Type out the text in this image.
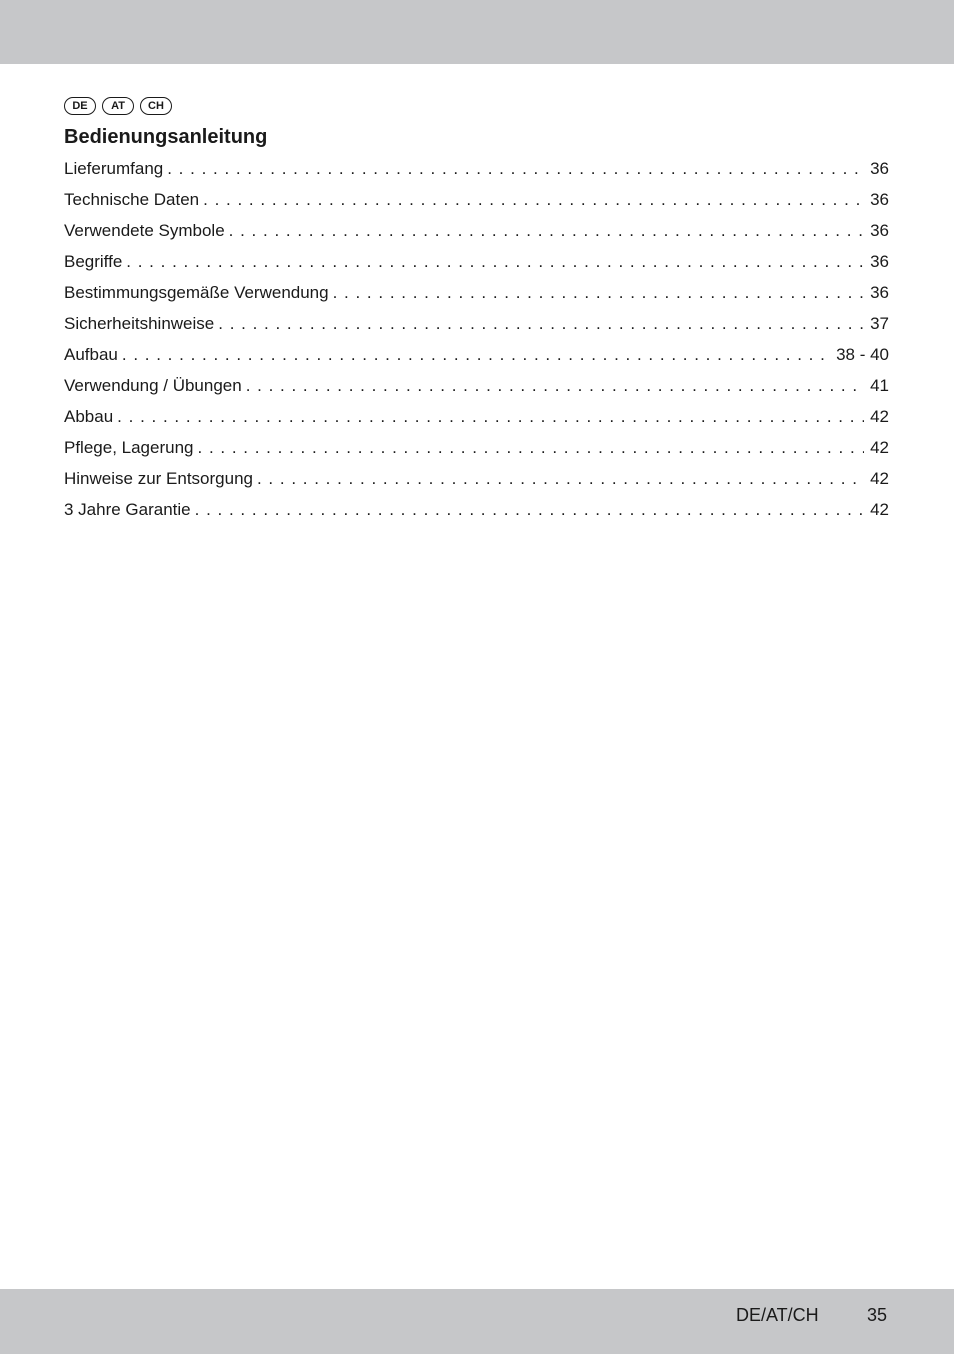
DE	AT	CH
Bedienungsanleitung
Lieferumfang . . .	36
Technische Daten . . .	36
Verwendete Symbole . . .	36
Begriffe . . .	36
Bestimmungsgemäße Verwendung . . .	36
Sicherheitshinweise . . .	37
Aufbau . . .	38 - 40
Verwendung / Übungen . . .	41
Abbau . . .	42
Pflege, Lagerung . . .	42
Hinweise zur Entsorgung . . .	42
3 Jahre Garantie . . .	42
DE/AT/CH	35
